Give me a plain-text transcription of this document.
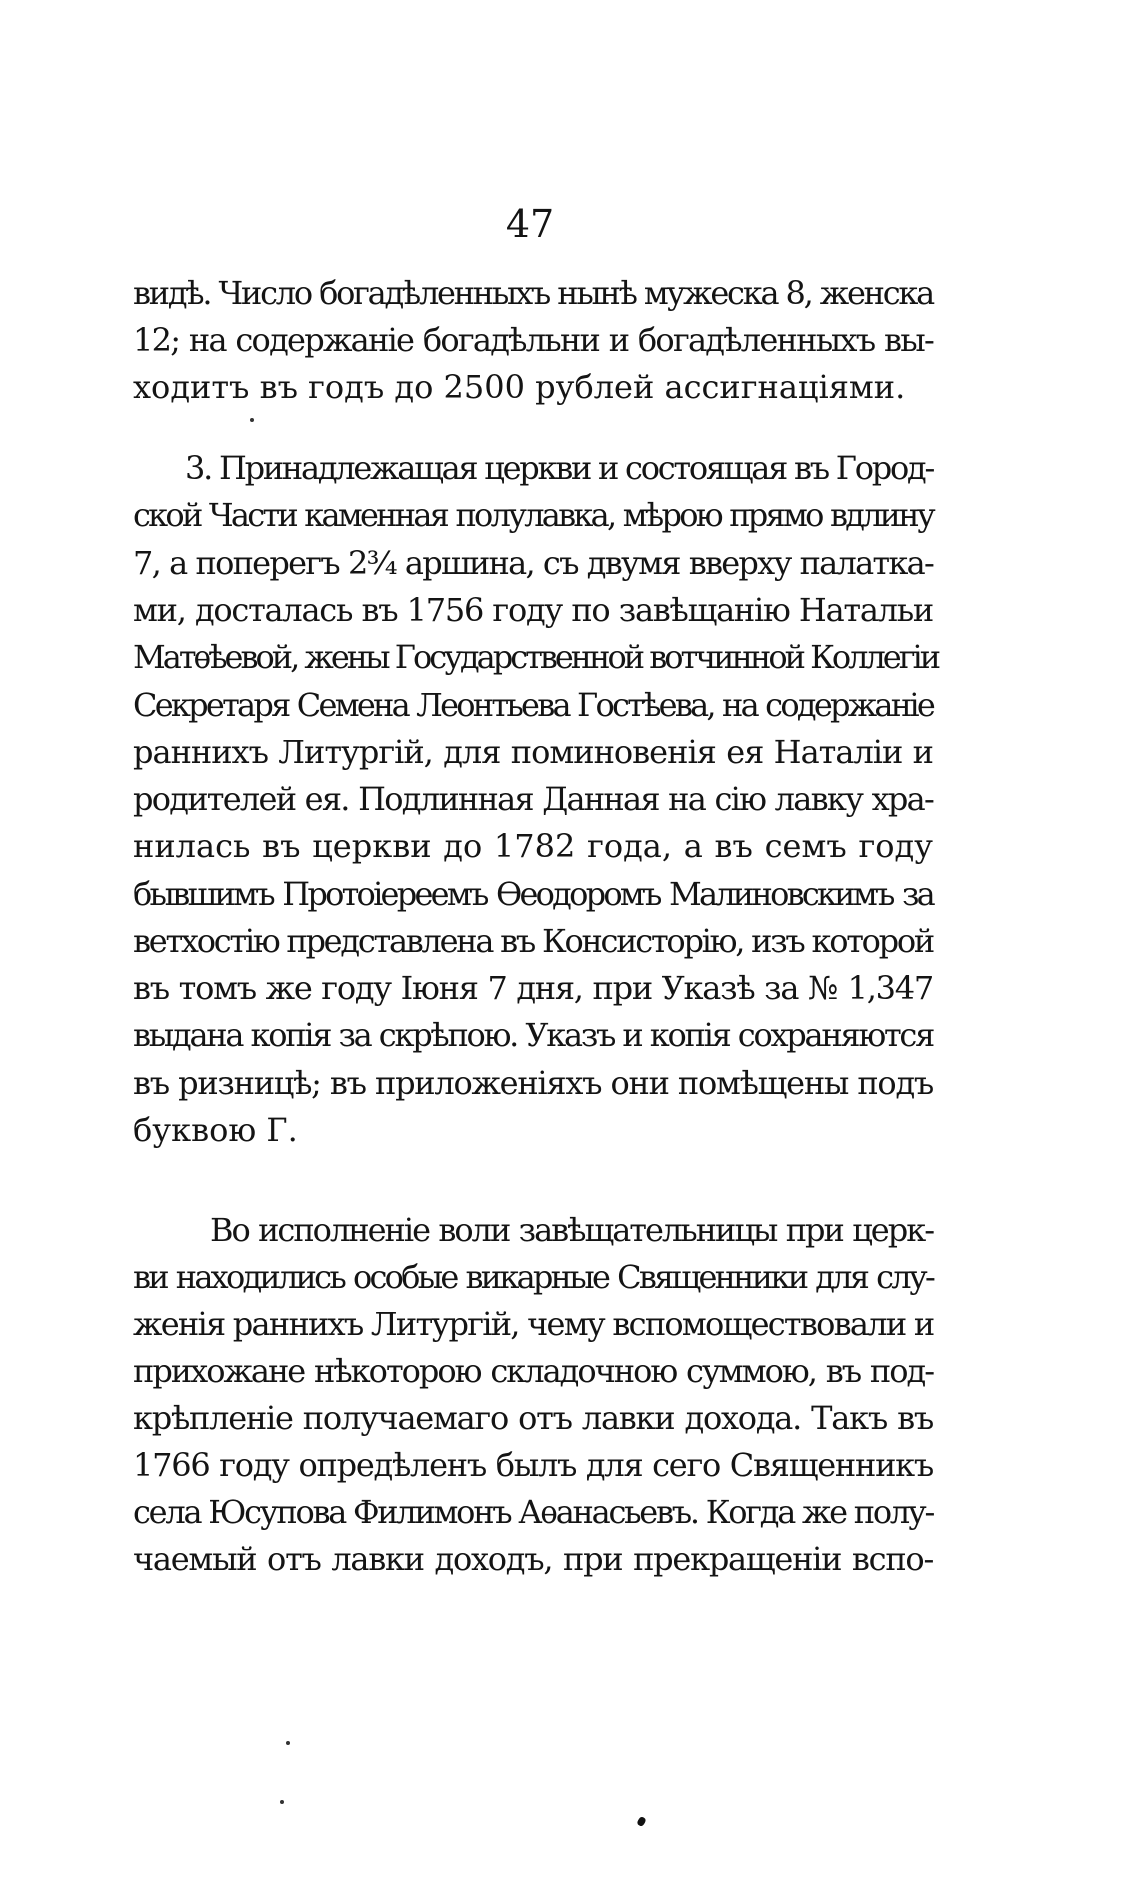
47
видѣ. Число богадѣленныхъ нынѣ мужеска 8, женска
12; на содержаніе богадѣльни и богадѣленныхъ вы-
ходитъ въ годъ до 2500 рублей ассигнаціями.
3. Принадлежащая церкви и состоящая въ Город-
ской Части каменная полулавка, мѣрою прямо вдлину
7, а поперегъ 2¾ аршина, съ двумя вверху палатка-
ми, досталась въ 1756 году по завѣщанію Натальи
Матѳѣевой, жены Государственной вотчинной Коллегіи
Секретаря Семена Леонтьева Гостѣева, на содержаніе
раннихъ Литургій, для поминовенія ея Наталіи и
родителей ея. Подлинная Данная на сію лавку хра-
нилась въ церкви до 1782 года, а въ семъ году
бывшимъ Протоіереемъ Ѳеодоромъ Малиновскимъ за
ветхостію представлена въ Консисторію, изъ которой
въ томъ же году Іюня 7 дня, при Указѣ за № 1,347
выдана копія за скрѣпою. Указъ и копія сохраняются
въ ризницѣ; въ приложеніяхъ они помѣщены подъ
буквою Г.
Во исполненіе воли завѣщательницы при церк-
ви находились особые викарные Священники для слу-
женія раннихъ Литургій, чему вспомоществовали и
прихожане нѣкоторою складочною суммою, въ под-
крѣпленіе получаемаго отъ лавки дохода. Такъ въ
1766 году опредѣленъ былъ для сего Священникъ
села Юсупова Филимонъ Аѳанасьевъ. Когда же полу-
чаемый отъ лавки доходъ, при прекращеніи вспо-
